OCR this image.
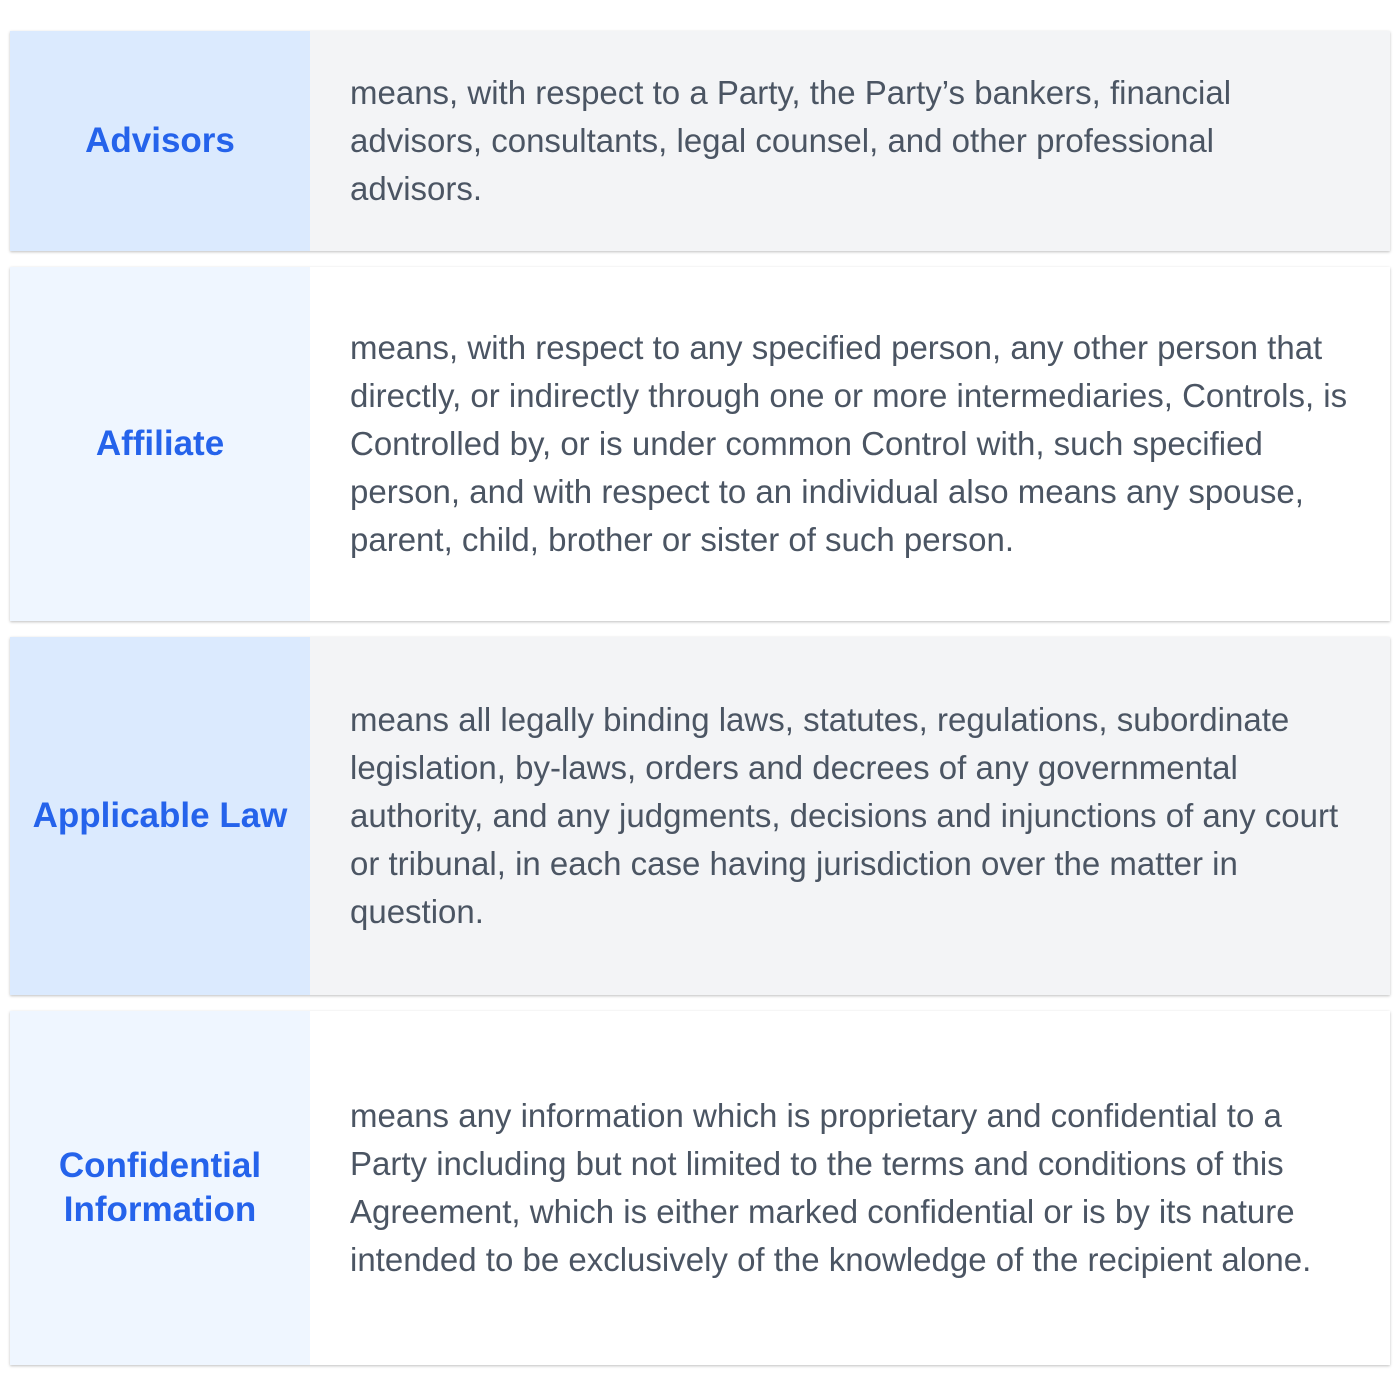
Advisors
means, with respect to a Party, the Party’s bankers, financial advisors, consultants, legal counsel, and other professional advisors.
Affiliate
means, with respect to any specified person, any other person that directly, or indirectly through one or more intermediaries, Controls, is Controlled by, or is under common Control with, such specified person, and with respect to an individual also means any spouse, parent, child, brother or sister of such person.
Applicable Law
means all legally binding laws, statutes, regulations, subordinate legislation, by-laws, orders and decrees of any governmental authority, and any judgments, decisions and injunctions of any court or tribunal, in each case having jurisdiction over the matter in question.
Confidential Information
means any information which is proprietary and confidential to a Party including but not limited to the terms and conditions of this Agreement, which is either marked confidential or is by its nature intended to be exclusively of the knowledge of the recipient alone.
